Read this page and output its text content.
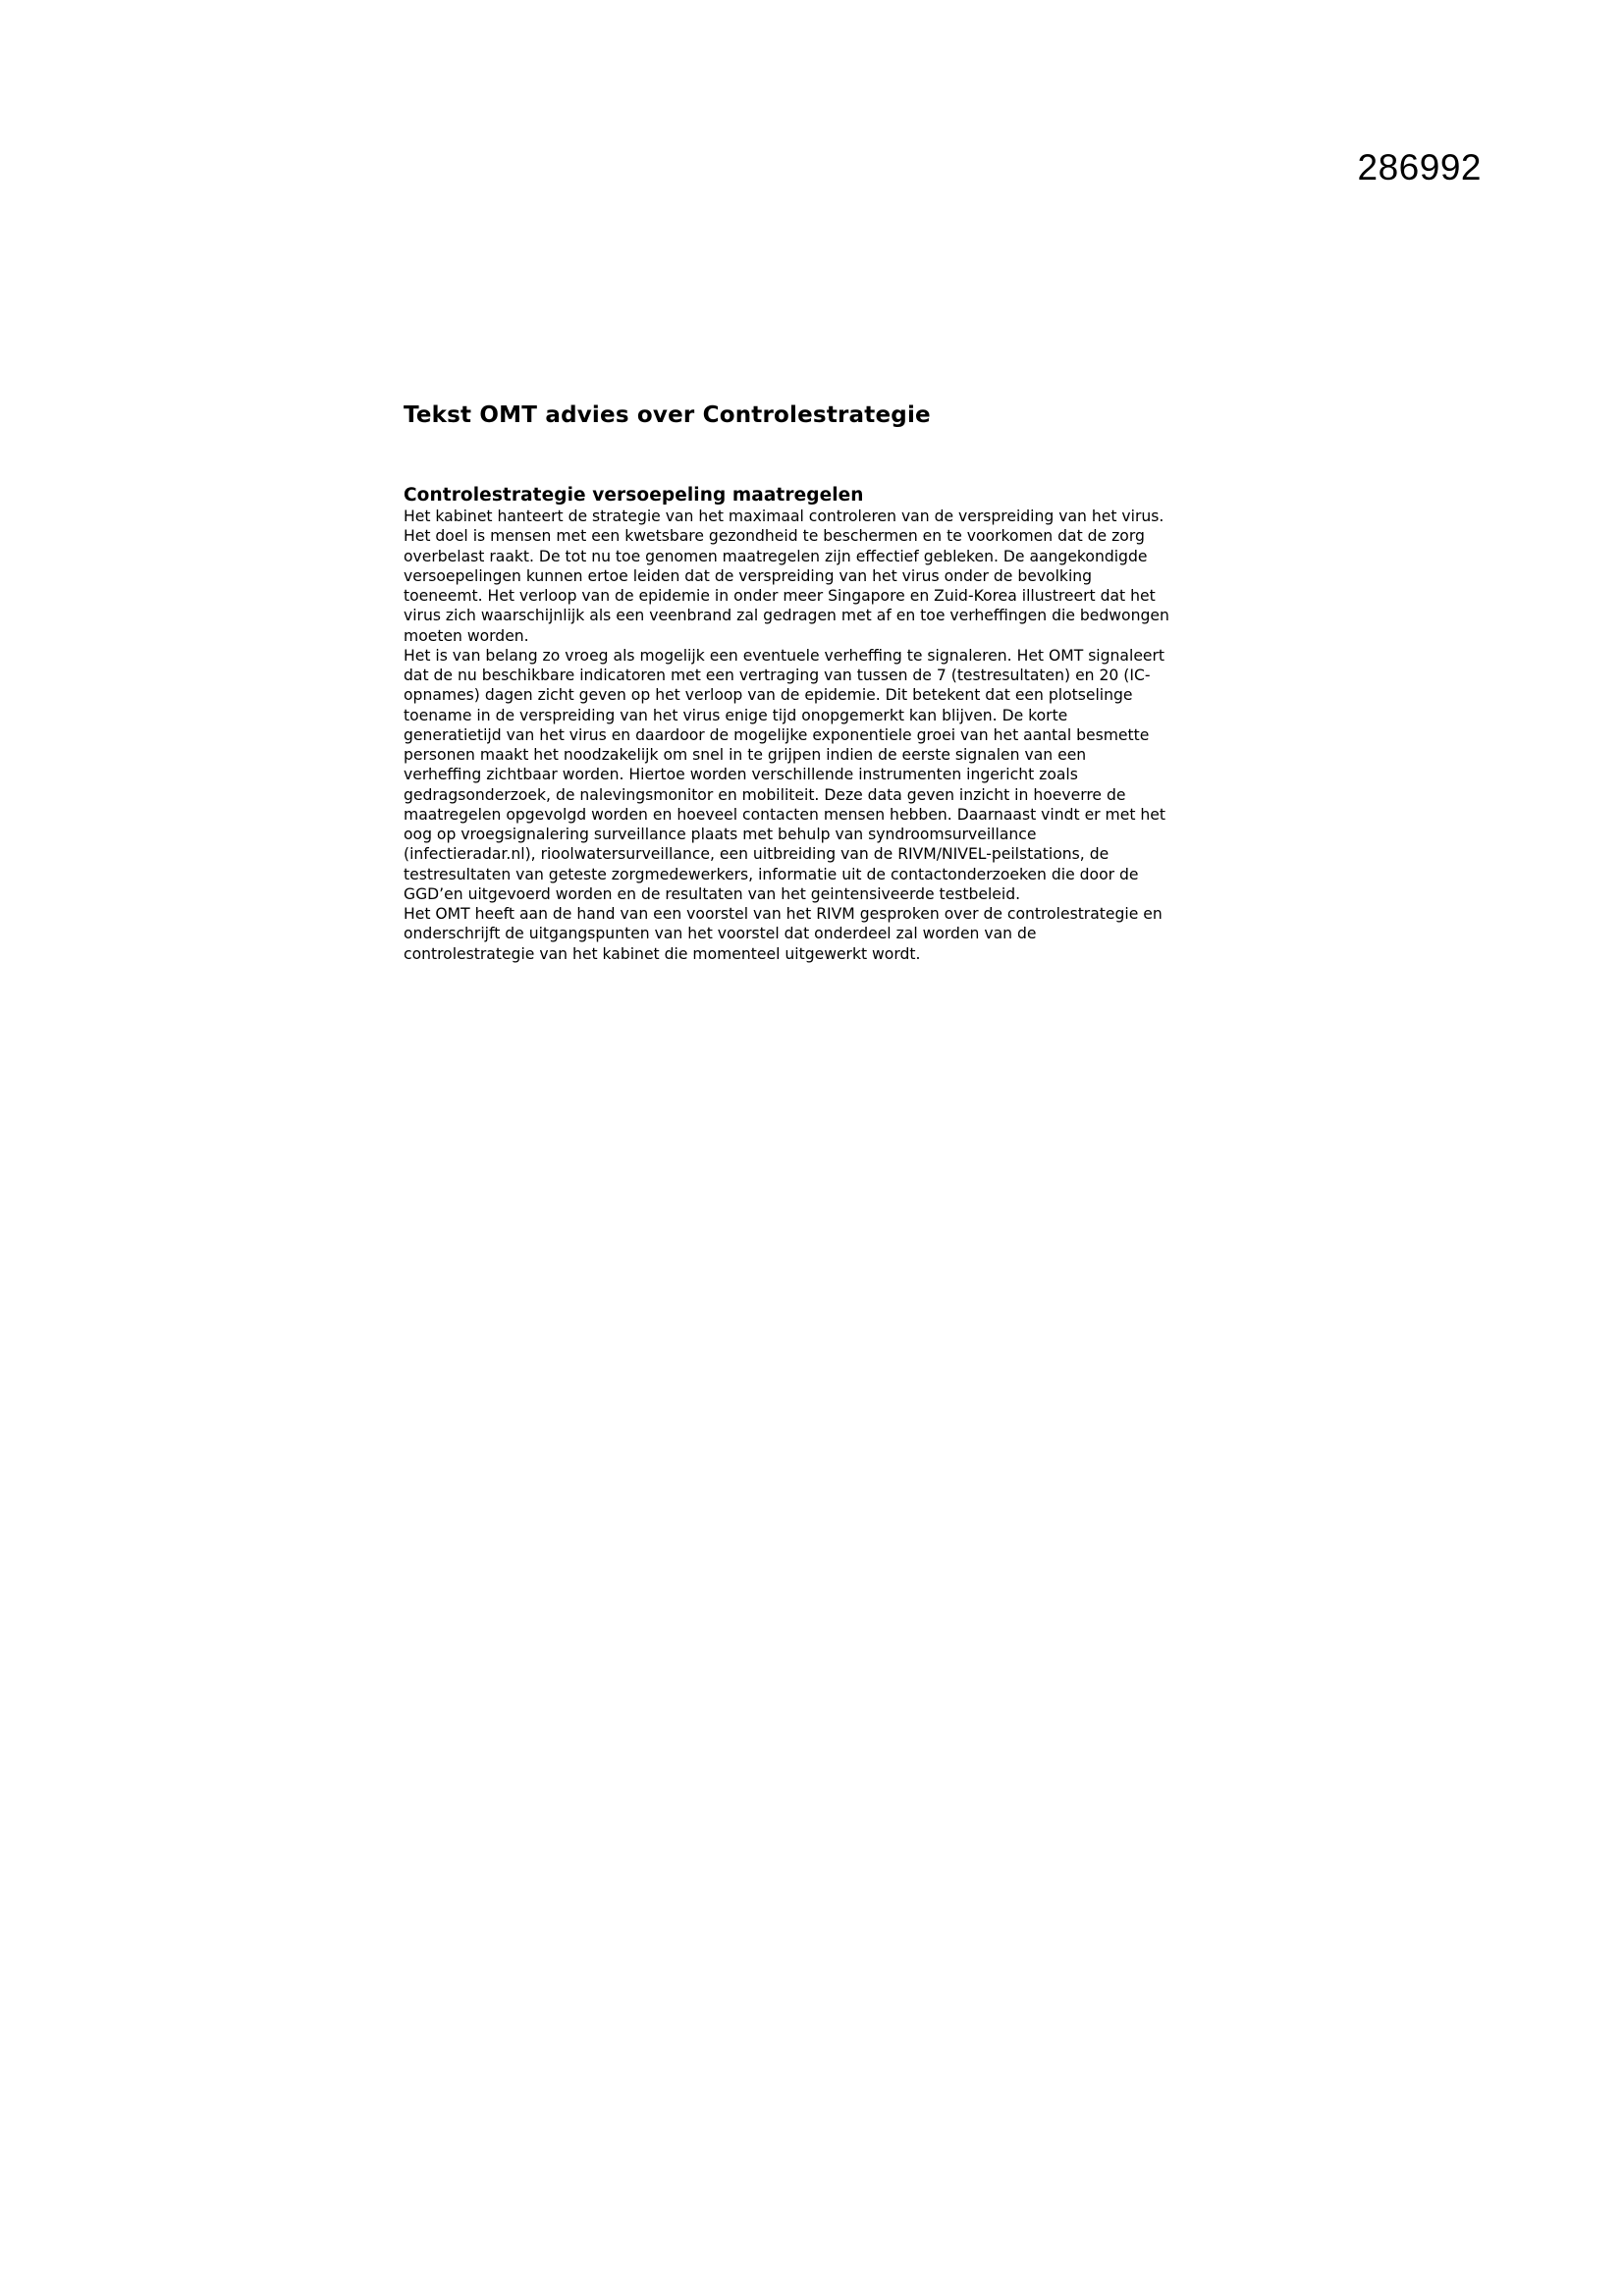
286992
Tekst OMT advies over Controlestrategie
Controlestrategie versoepeling maatregelen
Het kabinet hanteert de strategie van het maximaal controleren van de verspreiding van het virus.
Het doel is mensen met een kwetsbare gezondheid te beschermen en te voorkomen dat de zorg
overbelast raakt. De tot nu toe genomen maatregelen zijn effectief gebleken. De aangekondigde
versoepelingen kunnen ertoe leiden dat de verspreiding van het virus onder de bevolking
toeneemt. Het verloop van de epidemie in onder meer Singapore en Zuid-Korea illustreert dat het
virus zich waarschijnlijk als een veenbrand zal gedragen met af en toe verheffingen die bedwongen
moeten worden.
Het is van belang zo vroeg als mogelijk een eventuele verheffing te signaleren. Het OMT signaleert
dat de nu beschikbare indicatoren met een vertraging van tussen de 7 (testresultaten) en 20 (IC-
opnames) dagen zicht geven op het verloop van de epidemie. Dit betekent dat een plotselinge
toename in de verspreiding van het virus enige tijd onopgemerkt kan blijven. De korte
generatietijd van het virus en daardoor de mogelijke exponentiele groei van het aantal besmette
personen maakt het noodzakelijk om snel in te grijpen indien de eerste signalen van een
verheffing zichtbaar worden. Hiertoe worden verschillende instrumenten ingericht zoals
gedragsonderzoek, de nalevingsmonitor en mobiliteit. Deze data geven inzicht in hoeverre de
maatregelen opgevolgd worden en hoeveel contacten mensen hebben. Daarnaast vindt er met het
oog op vroegsignalering surveillance plaats met behulp van syndroomsurveillance
(infectieradar.nl), rioolwatersurveillance, een uitbreiding van de RIVM/NIVEL-peilstations, de
testresultaten van geteste zorgmedewerkers, informatie uit de contactonderzoeken die door de
GGD’en uitgevoerd worden en de resultaten van het geintensiveerde testbeleid.
Het OMT heeft aan de hand van een voorstel van het RIVM gesproken over de controlestrategie en
onderschrijft de uitgangspunten van het voorstel dat onderdeel zal worden van de
controlestrategie van het kabinet die momenteel uitgewerkt wordt.
